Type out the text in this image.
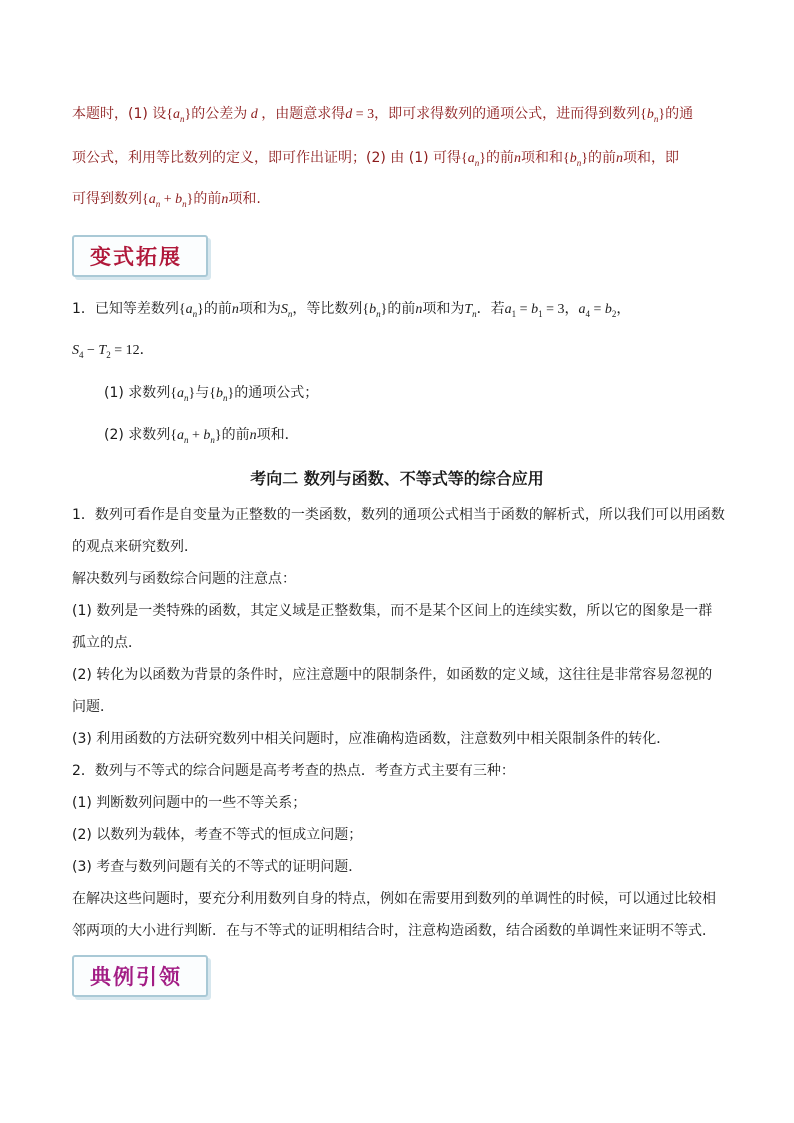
本题时，(1) 设$\{a_n\}$的公差为 d ，由题意求得d = 3，即可求得数列的通项公式，进而得到数列$\{b_n\}$的通
项公式，利用等比数列的定义，即可作出证明；(2) 由 (1) 可得$\{a_n\}$的前n项和和$\{b_n\}$的前n项和，即
可得到数列$\{a_n + b_n\}$的前n项和.
变式拓展
1．已知等差数列$\{a_n\}$的前n项和为$S_n$，等比数列$\{b_n\}$的前n项和为$T_n$．若$a_1 = b_1 = 3$，$a_4 = b_2$，
$S_4 - T_2 = 12$．
(1) 求数列$\{a_n\}$与$\{b_n\}$的通项公式；
(2) 求数列$\{a_n + b_n\}$的前n项和．
考向二 数列与函数、不等式等的综合应用
1．数列可看作是自变量为正整数的一类函数，数列的通项公式相当于函数的解析式，所以我们可以用函数
的观点来研究数列．
解决数列与函数综合问题的注意点：
(1) 数列是一类特殊的函数，其定义域是正整数集，而不是某个区间上的连续实数，所以它的图象是一群
孤立的点．
(2) 转化为以函数为背景的条件时，应注意题中的限制条件，如函数的定义域，这往往是非常容易忽视的
问题．
(3) 利用函数的方法研究数列中相关问题时，应准确构造函数，注意数列中相关限制条件的转化．
2．数列与不等式的综合问题是高考考查的热点．考查方式主要有三种：
(1) 判断数列问题中的一些不等关系；
(2) 以数列为载体，考查不等式的恒成立问题；
(3) 考查与数列问题有关的不等式的证明问题．
在解决这些问题时，要充分利用数列自身的特点，例如在需要用到数列的单调性的时候，可以通过比较相
邻两项的大小进行判断．在与不等式的证明相结合时，注意构造函数，结合函数的单调性来证明不等式．
典例引领
